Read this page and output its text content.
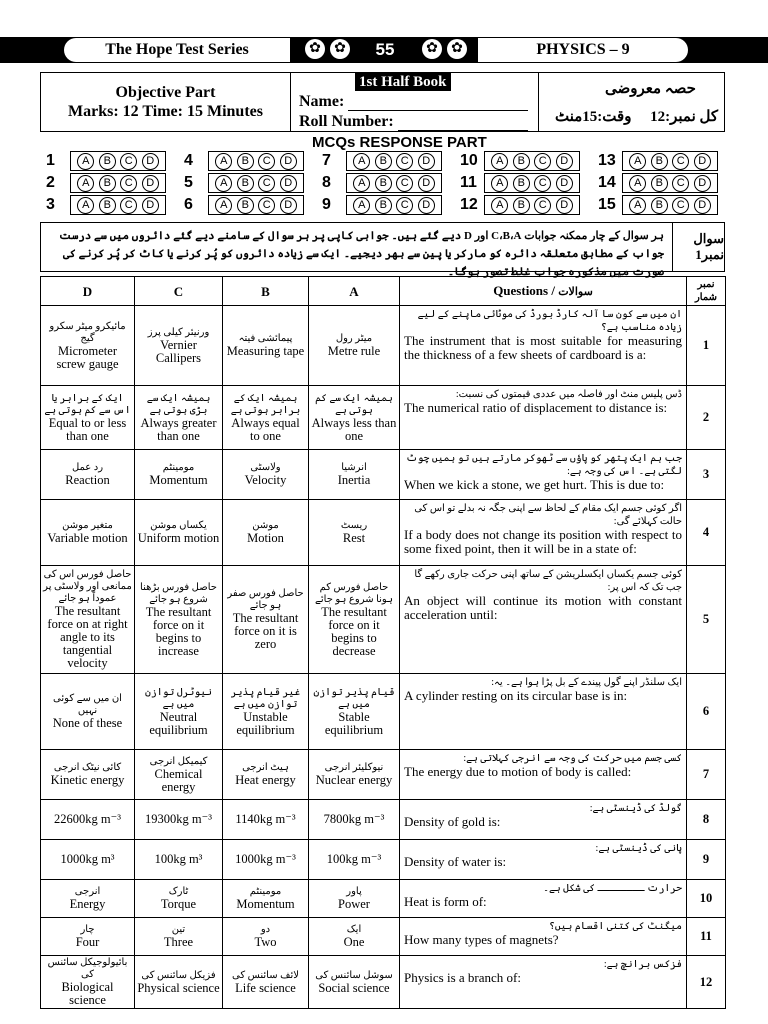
The Hope Test Series	✿ ✿	55	✿ ✿	PHYSICS – 9
Objective Part
Marks: 12 Time: 15 Minutes
1st Half Book
Name:
Roll Number:
حصہ معروضی
وقت:15منٹ کل نمبر:12
MCQs RESPONSE PART
1	A	B	C	D	4	A	B	C	D	7	A	B	C	D	10	A	B	C	D	13	A	B	C	D
2	A	B	C	D	5	A	B	C	D	8	A	B	C	D	11	A	B	C	D	14	A	B	C	D
3	A	B	C	D	6	A	B	C	D	9	A	B	C	D	12	A	B	C	D	15	A	B	C	D
سوال نمبر1
ہر سوال کے چار ممکنہ جوابات C،B،A اور D دیے گئے ہیں۔ جوابی کاپی پر ہر سوال کے سامنے دیے گئے دائروں میں سے درست جواب کے مطابق متعلقہ دائرہ کو مارکر یا پین سے بھر دیجیے۔ ایک سے زیادہ دائروں کو پُر کرنے یا کاٹ کر پُر کرنے کی صورت میں مذکورہ جواب غلط تصور ہوگا۔
D	C	B	A	Questions / سوالات	نمبر شمار

مائیکرو میٹر سکرو گیج
Micrometer screw gauge	ورنیئر کیلی پرز
Vernier Callipers	پیمائشی فیتہ
Measuring tape	میٹر رول
Metre rule	ان میں سے کون سا آلہ کارڈ بورڈ کی موٹائی ماپنے کے لیے زیادہ مناسب ہے؟
The instrument that is most suitable for measuring the thickness of a few sheets of cardboard is a:	1

ایک کے برابر یا اس سے کم ہوتی ہے
Equal to or less than one	ہمیشہ ایک سے بڑی ہوتی ہے
Always greater than one	ہمیشہ ایک کے برابر ہوتی ہے
Always equal to one	ہمیشہ ایک سے کم ہوتی ہے
Always less than one	ڈس پلیس منٹ اور فاصلہ میں عددی قیمتوں کی نسبت:
The numerical ratio of displacement to distance is:	2

رد عمل
Reaction	مومینٹم
Momentum	ولاسٹی
Velocity	انرشیا
Inertia	جب ہم ایک پتھر کو پاؤں سے ٹھوکر مارتے ہیں تو ہمیں چوٹ لگتی ہے۔ اس کی وجہ ہے:
When we kick a stone, we get hurt. This is due to:	3

متغیر موشن
Variable motion	یکساں موشن
Uniform motion	موشن
Motion	ریسٹ
Rest	اگر کوئی جسم ایک مقام کے لحاظ سے اپنی جگہ نہ بدلے تو اس کی حالت کہلائے گی:
If a body does not change its position with respect to some fixed point, then it will be in a state of:	4

حاصل فورس اس کی ممانعی اور ولاسٹی پر عموداً ہو جائے
The resultant force on at right angle to its tangential velocity	حاصل فورس بڑھنا شروع ہو جائے
The resultant force on it begins to increase	حاصل فورس صفر ہو جائے
The resultant force on it is zero	حاصل فورس کم ہونا شروع ہو جائے
The resultant force on it begins to decrease	کوئی جسم یکساں ایکسلریشن کے ساتھ اپنی حرکت جاری رکھے گا جب تک کہ اس پر:
An object will continue its motion with constant acceleration until:	5

ان میں سے کوئی نہیں
None of these	نیوٹرل توازن میں ہے
Neutral equilibrium	غیر قیام پذیر توازن میں ہے
Unstable equilibrium	قیام پذیر توازن میں ہے
Stable equilibrium	ایک سلنڈر اپنے گول پیندے کے بل پڑا ہوا ہے۔ یہ:
A cylinder resting on its circular base is in:	6

کائی نیٹک انرجی
Kinetic energy	کیمیکل انرجی
Chemical energy	ہیٹ انرجی
Heat energy	نیوکلیئر انرجی
Nuclear energy	کسی جسم میں حرکت کی وجہ سے انرجی کہلاتی ہے:
The energy due to motion of body is called:	7
22600kg m⁻³	19300kg m⁻³	1140kg m⁻³	7800kg m⁻³	گولڈ کی ڈینسٹی ہے:
Density of gold is:	8
1000kg m³	100kg m³	1000kg m⁻³	100kg m⁻³	پانی کی ڈینسٹی ہے:
Density of water is:	9

انرجی
Energy	ٹارک
Torque	مومینٹم
Momentum	پاور
Power	حرارت ــــــــ کی شکل ہے۔
Heat is form of:	10

چار
Four	تین
Three	دو
Two	ایک
One	میگنٹ کی کتنی اقسام ہیں؟
How many types of magnets?	11

بائیولوجیکل سائنس کی
Biological science	فزیکل سائنس کی
Physical science	لائف سائنس کی
Life science	سوشل سائنس کی
Social science	فزکس برانچ ہے:
Physics is a branch of:	12
